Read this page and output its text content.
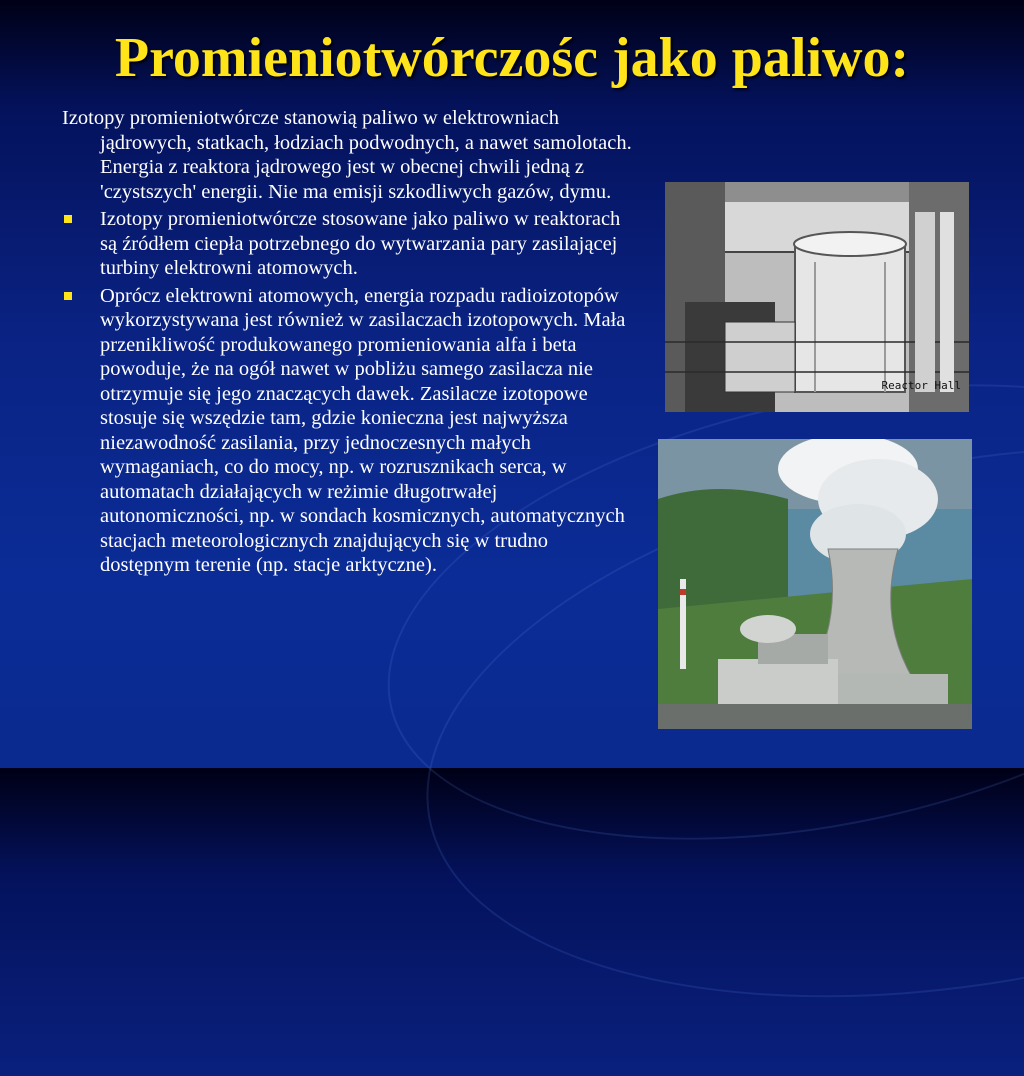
Promieniotwórczośc jako paliwo:

Izotopy promieniotwórcze stanowią paliwo w elektrowniach jądrowych, statkach, łodziach podwodnych, a nawet samolotach. Energia z reaktora jądrowego jest w obecnej chwili jedną z 'czystszych' energii. Nie ma emisji szkodliwych gazów, dymu.

Izotopy promieniotwórcze stosowane jako paliwo w reaktorach są źródłem ciepła potrzebnego do wytwarzania pary zasilającej turbiny elektrowni atomowych.
Oprócz elektrowni atomowych, energia rozpadu radioizotopów wykorzystywana jest również w zasilaczach izotopowych. Mała przenikliwość produkowanego promieniowania alfa i beta powoduje, że na ogół nawet w pobliżu samego zasilacza nie otrzymuje się jego znaczących dawek. Zasilacze izotopowe stosuje się wszędzie tam, gdzie konieczna jest najwyższa niezawodność zasilania, przy jednoczesnych małych wymaganiach, co do mocy, np. w rozrusznikach serca, w automatach działających w reżimie długotrwałej autonomiczności, np. w sondach kosmicznych, automatycznych stacjach meteorologicznych znajdujących się w trudno dostępnym terenie (np. stacje arktyczne).
Reactor Hall
